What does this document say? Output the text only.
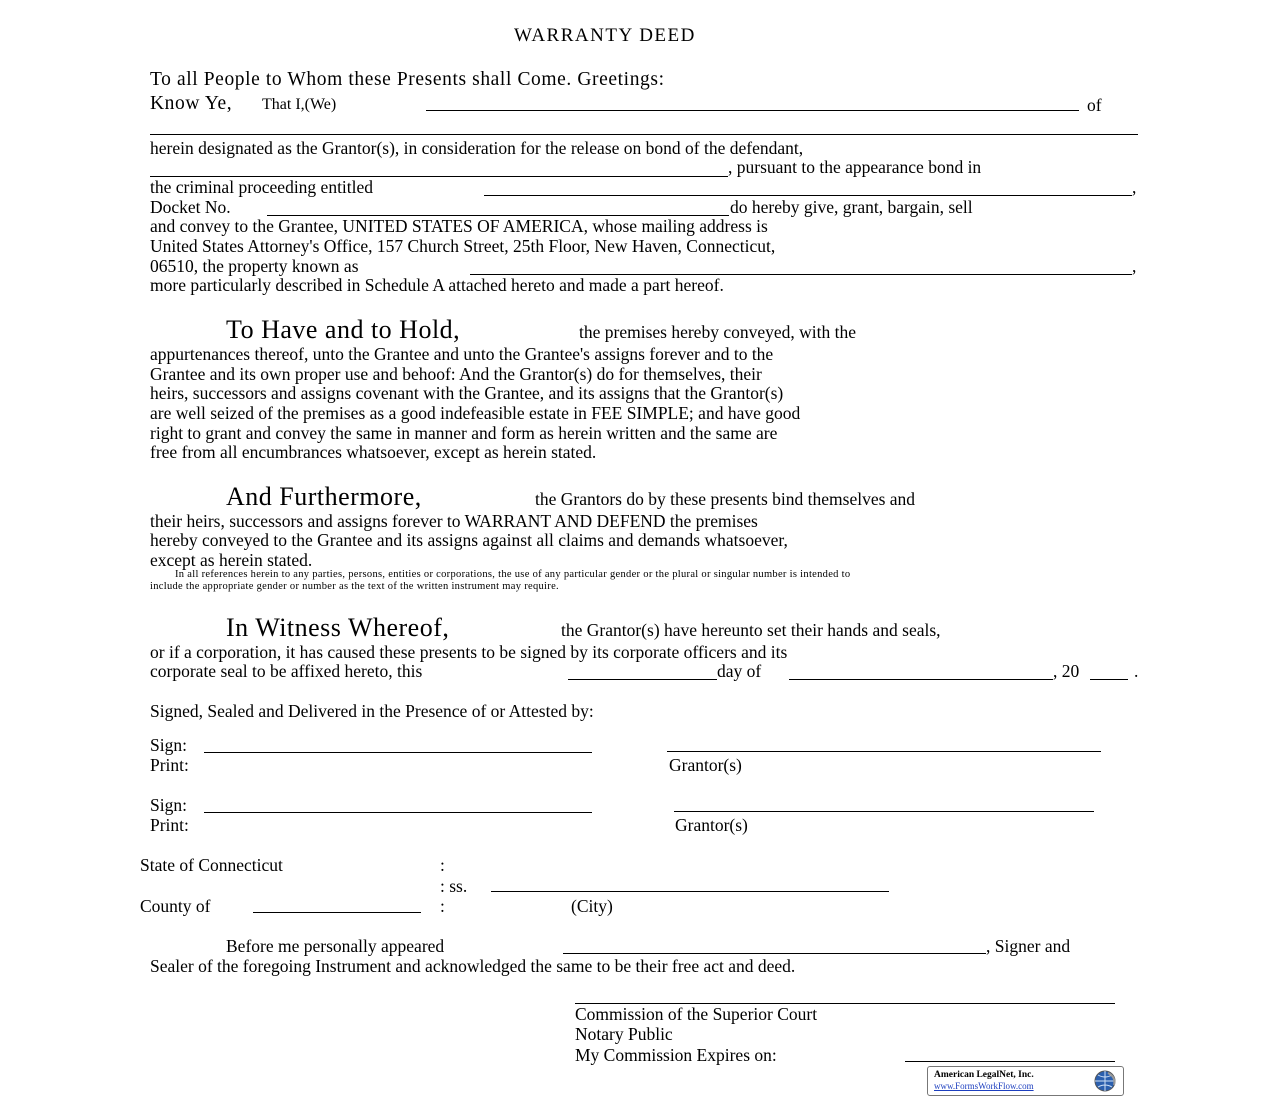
WARRANTY DEED
To all People to Whom these Presents shall Come. Greetings:
Know Ye, That I,(We)	of
herein designated as the Grantor(s), in consideration for the release on bond of the defendant,
, pursuant to the appearance bond in
the criminal proceeding entitled	,
Docket No.	do hereby give, grant, bargain, sell
and convey to the Grantee, UNITED STATES OF AMERICA, whose mailing address is
United States Attorney's Office, 157 Church Street, 25th Floor, New Haven, Connecticut,
06510, the property known as	,
more particularly described in Schedule A attached hereto and made a part hereof.
To Have and to Hold,	the premises hereby conveyed, with the
appurtenances thereof, unto the Grantee and unto the Grantee's assigns forever and to the
Grantee and its own proper use and behoof: And the Grantor(s) do for themselves, their
heirs, successors and assigns covenant with the Grantee, and its assigns that the Grantor(s)
are well seized of the premises as a good indefeasible estate in FEE SIMPLE; and have good
right to grant and convey the same in manner and form as herein written and the same are
free from all encumbrances whatsoever, except as herein stated.
And Furthermore,	the Grantors do by these presents bind themselves and
their heirs, successors and assigns forever to WARRANT AND DEFEND the premises
hereby conveyed to the Grantee and its assigns against all claims and demands whatsoever,
except as herein stated.
In all references herein to any parties, persons, entities or corporations, the use of any particular gender or the plural or singular number is intended to
include the appropriate gender or number as the text of the written instrument may require.
In Witness Whereof,	the Grantor(s) have hereunto set their hands and seals,
or if a corporation, it has caused these presents to be signed by its corporate officers and its
corporate seal to be affixed hereto, this	day of	, 20	.
Signed, Sealed and Delivered in the Presence of or Attested by:
Sign:
Print:	Grantor(s)
Sign:
Print:	Grantor(s)
State of Connecticut	:
: ss.
County of	:	(City)
Before me personally appeared	, Signer and
Sealer of the foregoing Instrument and acknowledged the same to be their free act and deed.
Commission of the Superior Court
Notary Public
My Commission Expires on:
American LegalNet, Inc.
www.FormsWorkFlow.com
